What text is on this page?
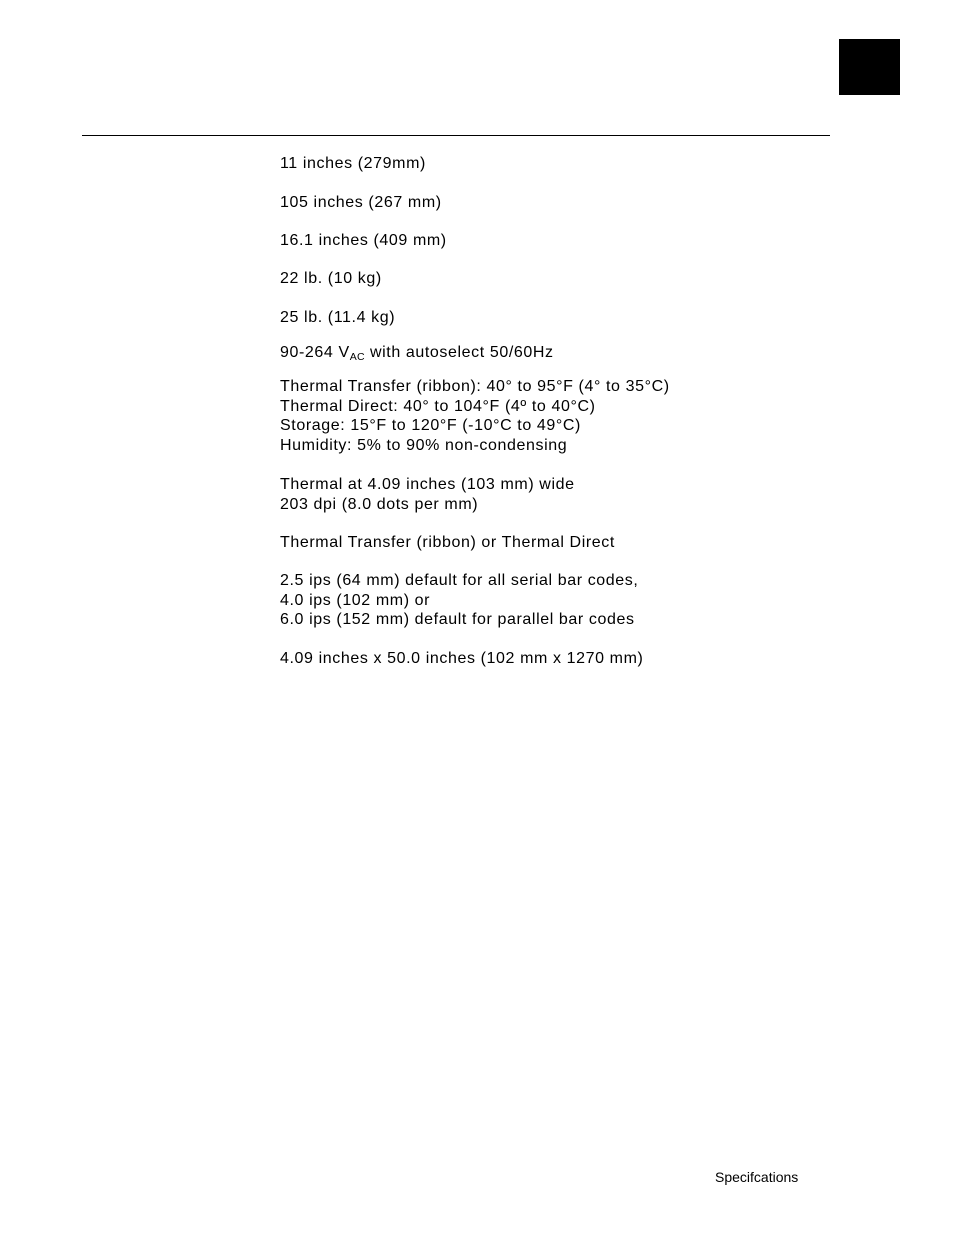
11 inches (279mm)
105 inches (267 mm)
16.1 inches (409 mm)
22 lb. (10 kg)
25 lb. (11.4 kg)
90-264 $V_{AC}$ with autoselect 50/60Hz
Thermal Transfer (ribbon): 40° to 95°F (4° to 35°C)
Thermal Direct: 40° to 104°F (4º to 40°C)
Storage: 15°F to 120°F (-10°C to 49°C)
Humidity: 5% to 90% non-condensing
Thermal at 4.09 inches (103 mm) wide
203 dpi (8.0 dots per mm)
Thermal Transfer (ribbon) or Thermal Direct
2.5 ips (64 mm) default for all serial bar codes,
4.0 ips (102 mm) or
6.0 ips (152 mm) default for parallel bar codes
4.09 inches x 50.0 inches (102 mm x 1270 mm)
Specifcations
